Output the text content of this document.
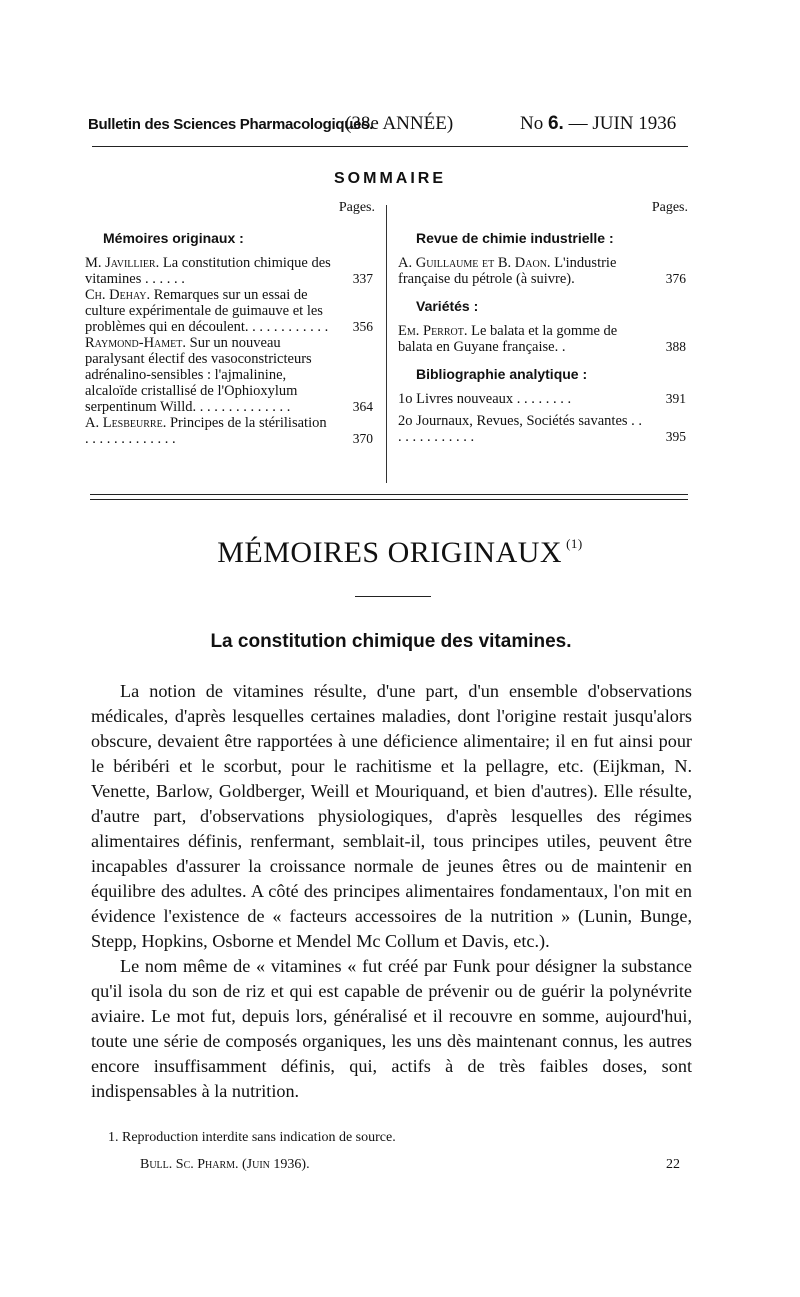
Bulletin des Sciences Pharmacologiques.
(38e ANNÉE)	No 6. — JUIN 1936
SOMMAIRE
Pages.
Mémoires originaux :
M. Javillier. La constitution chimique des vitamines . . . . . .	337
Ch. Dehay. Remarques sur un essai de culture expérimentale de guimauve et les problèmes qui en découlent. . . . . . . . . . . . 356
Raymond-Hamet. Sur un nouveau paralysant électif des vasoconstricteurs adrénalino-sensibles : l'ajmalinine, alcaloïde cristallisé de l'Ophioxylum serpentinum Willd. . . . . . . . . . . . . .	364
A. Lesbeurre. Principes de la stérilisation . . . . . . . . . . . . .	370
Pages.
Revue de chimie industrielle :
A. Guillaume et B. Daon. L'industrie française du pétrole (à suivre).	376
Variétés :
Em. Perrot. Le balata et la gomme de balata en Guyane française. .	388
Bibliographie analytique :
1o Livres nouveaux . . . . . . . .	391
2o Journaux, Revues, Sociétés savantes . . . . . . . . . . . . .	395
MÉMOIRES ORIGINAUX $^{(1)}$
La constitution chimique des vitamines.

La notion de vitamines résulte, d'une part, d'un ensemble d'observations médicales, d'après lesquelles certaines maladies, dont l'origine restait jusqu'alors obscure, devaient être rapportées à une déficience alimentaire; il en fut ainsi pour le béribéri et le scorbut, pour le rachitisme et la pellagre, etc. (Eijkman, N. Venette, Barlow, Goldberger, Weill et Mouriquand, et bien d'autres). Elle résulte, d'autre part, d'observations physiologiques, d'après lesquelles des régimes alimentaires définis, renfermant, semblait-il, tous principes utiles, peuvent être incapables d'assurer la croissance normale de jeunes êtres ou de maintenir en équilibre des adultes. A côté des principes alimentaires fondamentaux, l'on mit en évidence l'existence de « facteurs accessoires de la nutrition » (Lunin, Bunge, Stepp, Hopkins, Osborne et Mendel Mc Collum et Davis, etc.).

Le nom même de « vitamines « fut créé par Funk pour désigner la substance qu'il isola du son de riz et qui est capable de prévenir ou de guérir la polynévrite aviaire. Le mot fut, depuis lors, généralisé et il recouvre en somme, aujourd'hui, toute une série de composés organiques, les uns dès maintenant connus, les autres encore insuffisamment définis, qui, actifs à de très faibles doses, sont indispensables à la nutrition.

1. Reproduction interdite sans indication de source.
Bull. Sc. Pharm. (Juin 1936).	22
